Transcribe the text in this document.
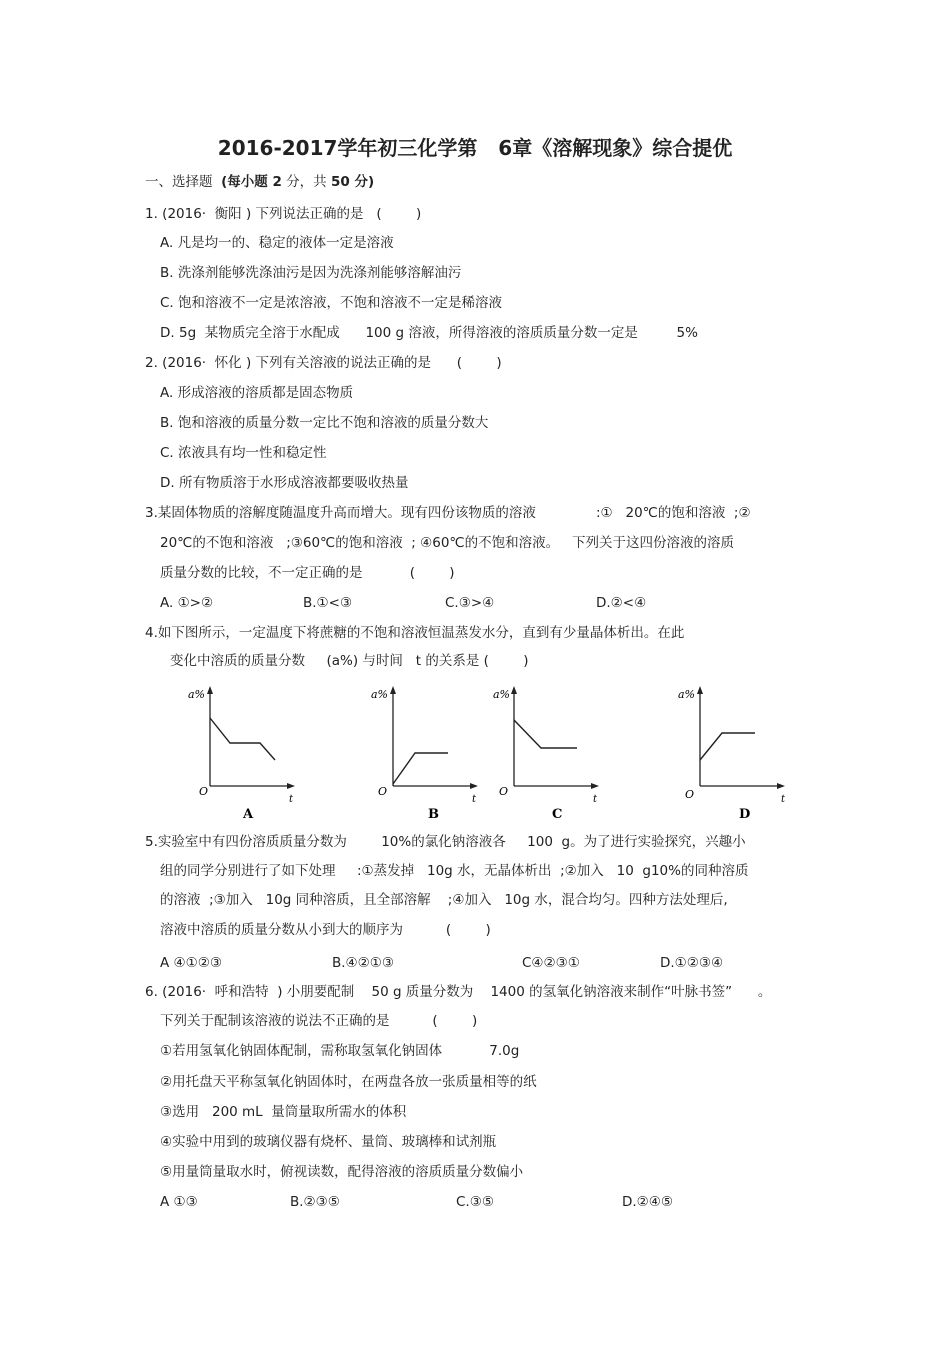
2016-2017学年初三化学第   6章《溶解现象》综合提优
一、选择题 (每小题 2 分，共 50 分)
1. (2016·  衡阳 ) 下列说法正确的是   (        )
A. 凡是均一的、稳定的液体一定是溶液
B. 洗涤剂能够洗涤油污是因为洗涤剂能够溶解油污
C. 饱和溶液不一定是浓溶液，不饱和溶液不一定是稀溶液
D. 5g  某物质完全溶于水配成      100 g 溶液，所得溶液的溶质质量分数一定是         5%
2. (2016·  怀化 ) 下列有关溶液的说法正确的是      (        )
A. 形成溶液的溶质都是固态物质
B. 饱和溶液的质量分数一定比不饱和溶液的质量分数大
C. 浓液具有均一性和稳定性
D. 所有物质溶于水形成溶液都要吸收热量
3.某固体物质的溶解度随温度升高而增大。现有四份该物质的溶液              :①   20℃的饱和溶液  ;②
20℃的不饱和溶液   ;③60℃的饱和溶液  ; ④60℃的不饱和溶液。   下列关于这四份溶液的溶质
质量分数的比较，不一定正确的是           (        )
A. ①>②	B.①<③	C.③>④	D.②<④
4.如下图所示，一定温度下将蔗糖的不饱和溶液恒温蒸发水分，直到有少量晶体析出。在此
变化中溶质的质量分数     (a%) 与时间   t 的关系是 (        )
a%
O
t
A
a%
O
t
B
a%
O
t
C
a%
O	t
D
5.实验室中有四份溶质质量分数为        10%的氯化钠溶液各     100  g。为了进行实验探究，兴趣小
组的同学分别进行了如下处理     :①蒸发掉   10g 水，无晶体析出  ;②加入   10  g10%的同种溶质
的溶液  ;③加入   10g 同种溶质，且全部溶解    ;④加入   10g 水，混合均匀。四种方法处理后,
溶液中溶质的质量分数从小到大的顺序为          (        )
A ④①②③	B.④②①③	C④②③①	D.①②③④
6. (2016·  呼和浩特  ) 小朋要配制    50 g 质量分数为    1400 的氢氧化钠溶液来制作“叶脉书签”      。
下列关于配制该溶液的说法不正确的是          (        )
①若用氢氧化钠固体配制，需称取氢氧化钠固体           7.0g
②用托盘天平称氢氧化钠固体时，在两盘各放一张质量相等的纸
③选用   200 mL  量筒量取所需水的体积
④实验中用到的玻璃仪器有烧杯、量筒、玻璃棒和试剂瓶
⑤用量筒量取水时，俯视读数，配得溶液的溶质质量分数偏小
A ①③	B.②③⑤	C.③⑤	D.②④⑤
